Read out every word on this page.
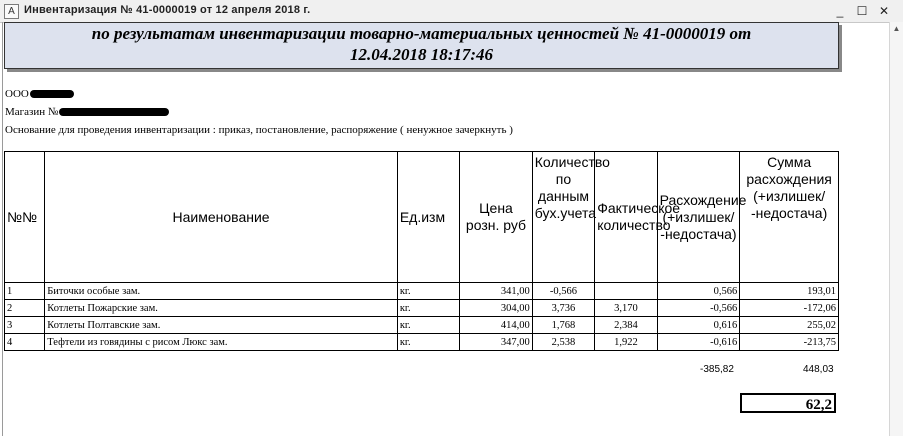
А Инвентаризация № 41-0000019 от 12 апреля 2018 г.	_	☐ ✕
▲
по результатам инвентаризации товарно-материальных ценностей № 41-0000019 от
12.04.2018 18:17:46
ООО
Магазин №
Основание для проведения инвентаризации : приказ, постановление, распоряжение ( ненужное зачеркнуть )
№№	Наименование	Ед.изм	Цена розн. руб	Количество по данным бух.учета	Фактическое количество	Расхождение (+излишек/ -недостача)	Сумма расхождения (+излишек/ -недостача)
1	Биточки особые зам.	кг.	341,00	-0,566		0,566	193,01
2	Котлеты Пожарские зам.	кг.	304,00	3,736	3,170	-0,566	-172,06
3	Котлеты Полтавские зам.	кг.	414,00	1,768	2,384	0,616	255,02
4	Тефтели из говядины с рисом Люкс зам.	кг.	347,00	2,538	1,922	-0,616	-213,75
-385,82	448,03
62,2
